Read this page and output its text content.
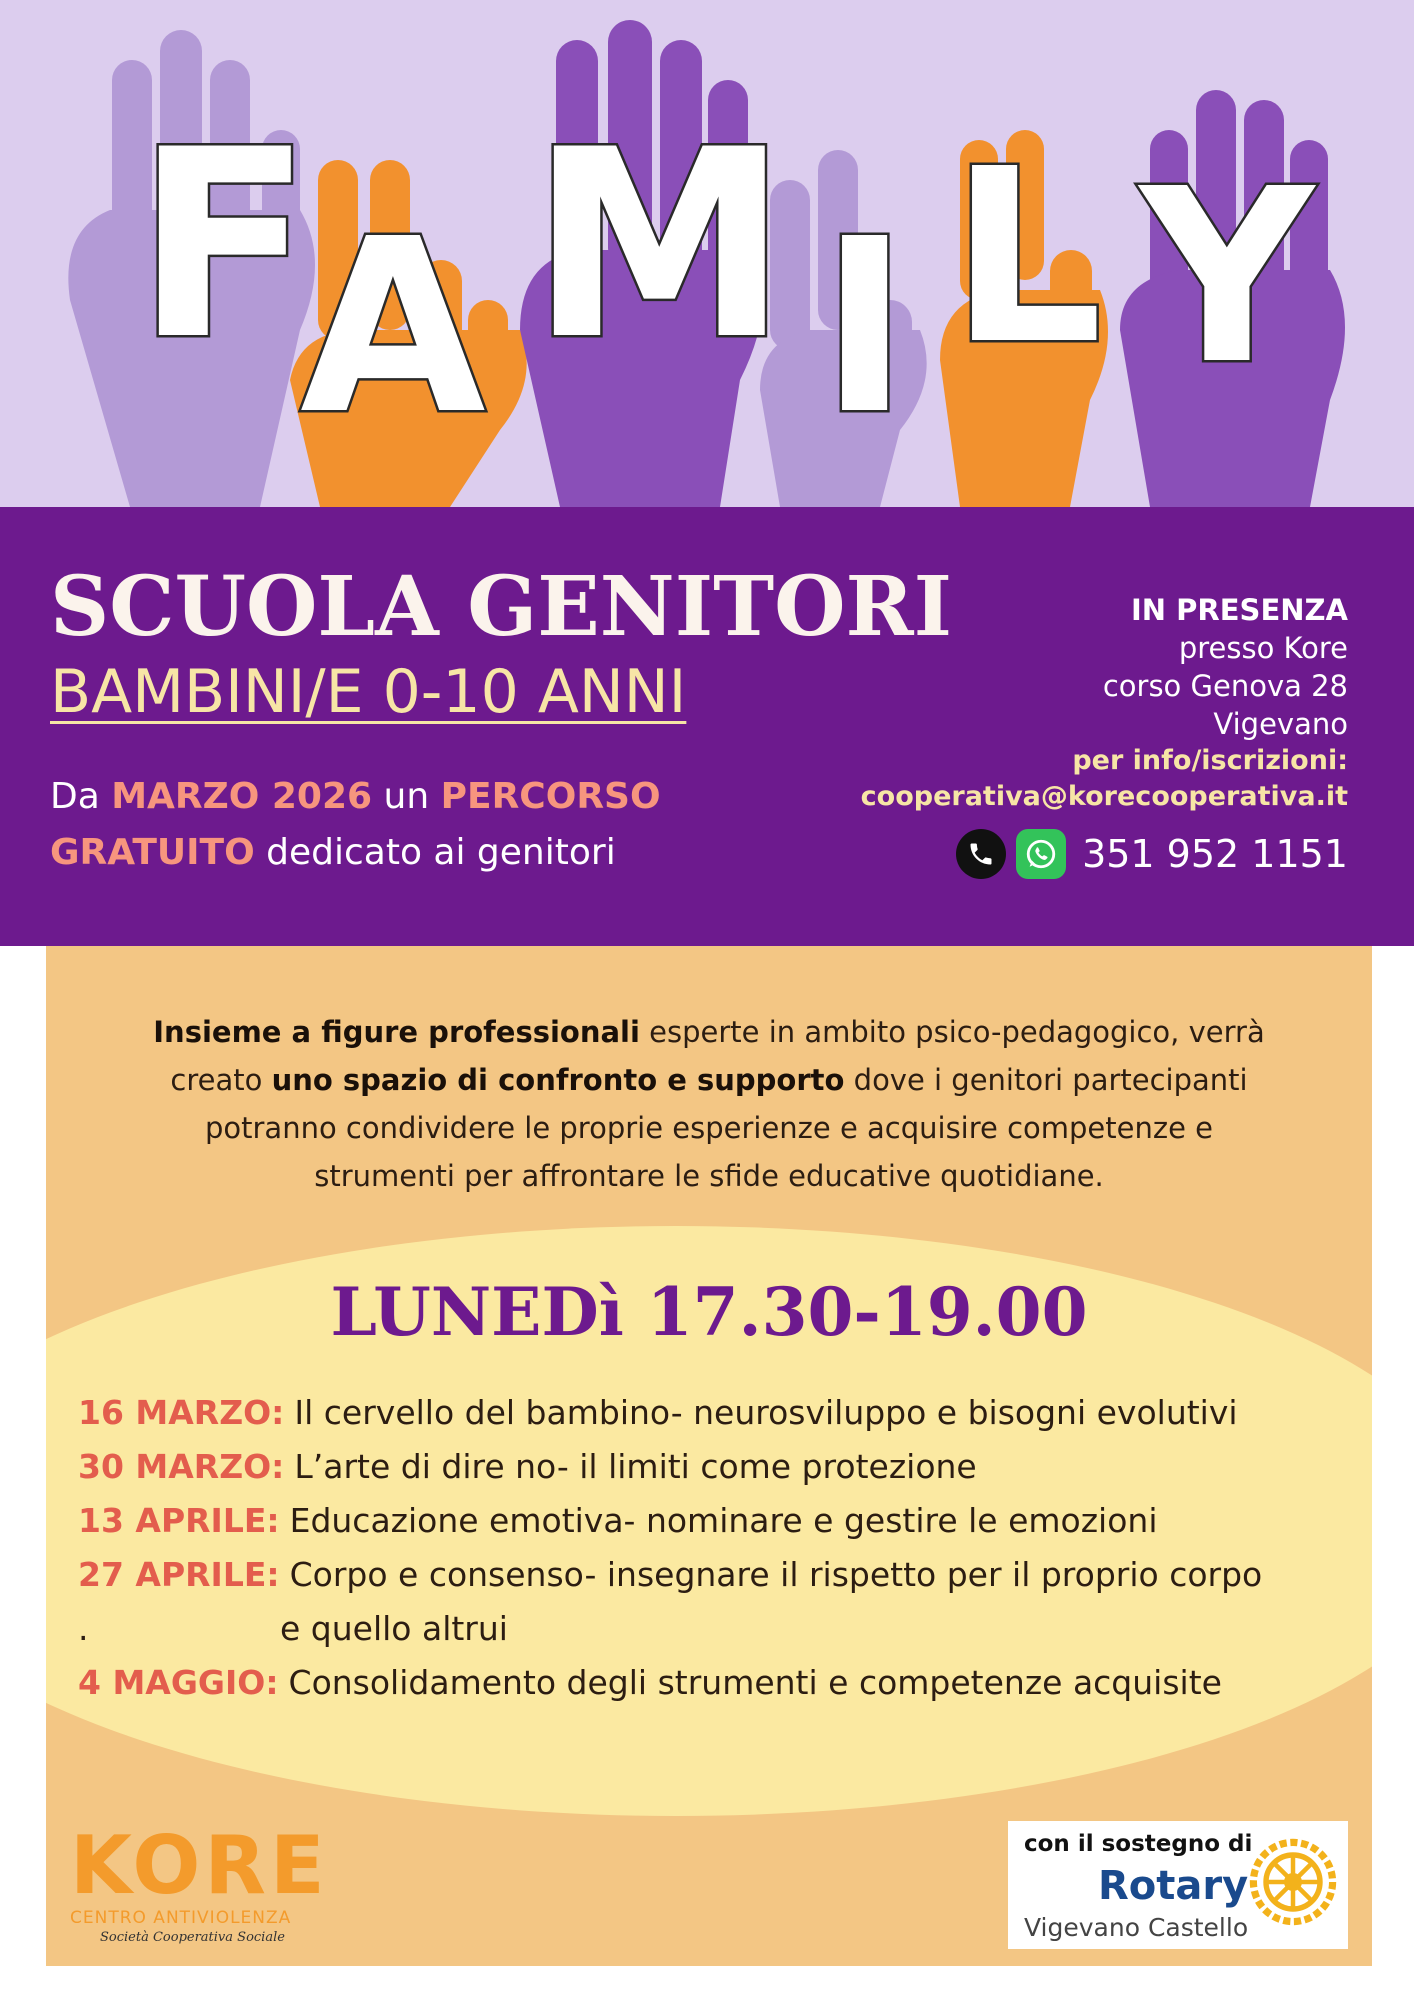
F
A M I L Y
SCUOLA GENITORI
BAMBINI/E 0-10 ANNI
Da MARZO 2026 un PERCORSO
GRATUITO dedicato ai genitori
IN PRESENZA
presso Kore
corso Genova 28
Vigevano
per info/iscrizioni:
cooperativa@korecooperativa.it
351 952 1151
Insieme a figure professionali esperte in ambito psico-pedagogico, verrà
creato uno spazio di confronto e supporto dove i genitori partecipanti
potranno condividere le proprie esperienze e acquisire competenze e
strumenti per affrontare le sfide educative quotidiane.
LUNEDì 17.30-19.00
16 MARZO: Il cervello del bambino- neurosviluppo e bisogni evolutivi
30 MARZO: L’arte di dire no- il limiti come protezione
13 APRILE: Educazione emotiva- nominare e gestire le emozioni
27 APRILE: Corpo e consenso- insegnare il rispetto per il proprio corpo
.	e quello altrui
4 MAGGIO: Consolidamento degli strumenti e competenze acquisite
KORE
CENTRO ANTIVIOLENZA
Società Cooperativa Sociale
con il sostegno di
Rotary
Vigevano Castello
